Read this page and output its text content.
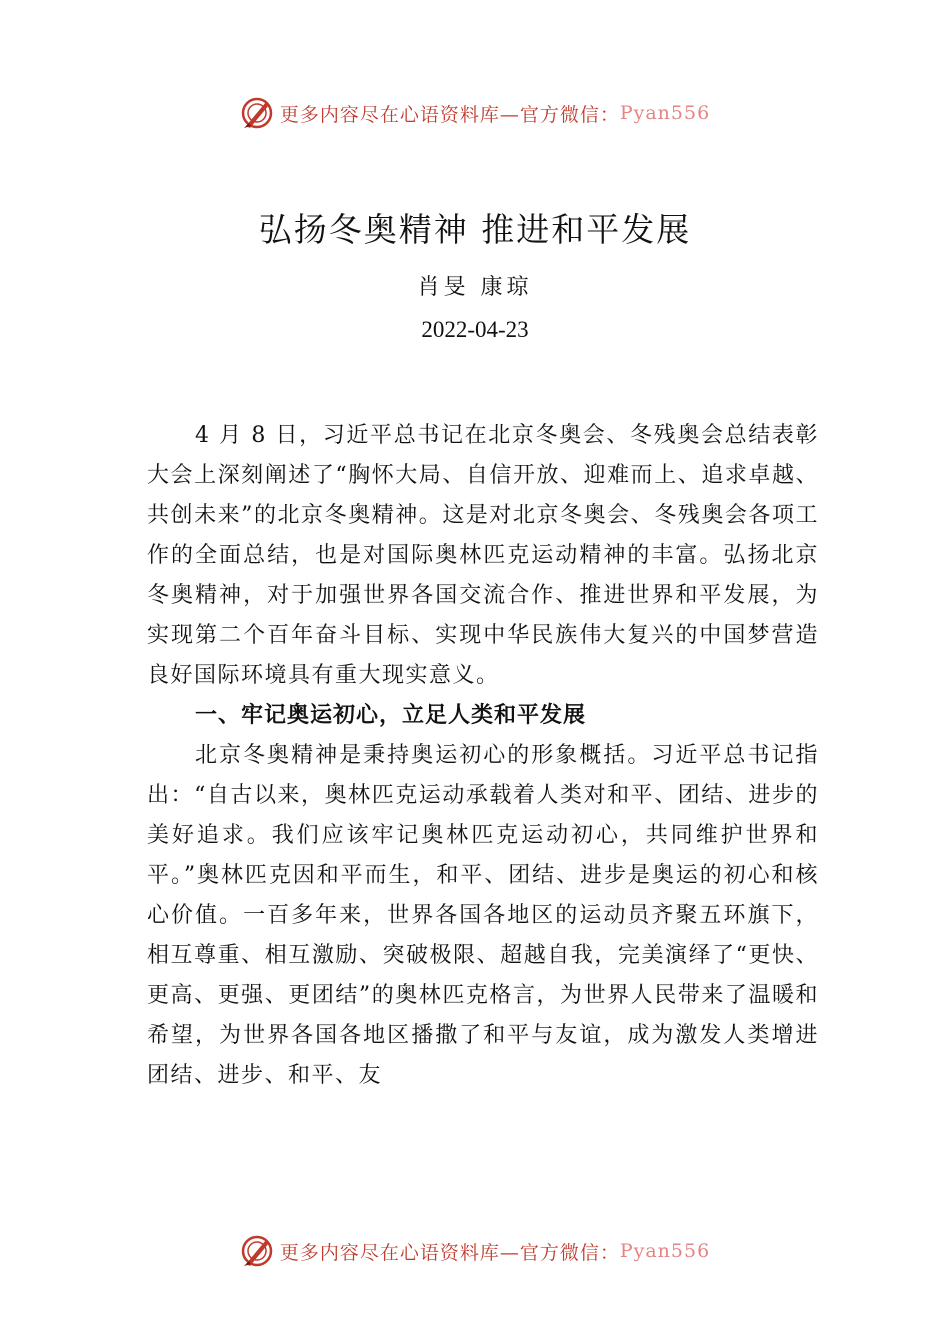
更多内容尽在心语资料库—官方微信： Pyan556
弘扬冬奥精神 推进和平发展
肖旻 康琼
2022-04-23

4 月 8 日，习近平总书记在北京冬奥会、冬残奥会总结表彰大会上深刻阐述了“胸怀大局、自信开放、迎难而上、追求卓越、共创未来”的北京冬奥精神。这是对北京冬奥会、冬残奥会各项工作的全面总结，也是对国际奥林匹克运动精神的丰富。弘扬北京冬奥精神，对于加强世界各国交流合作、推进世界和平发展，为实现第二个百年奋斗目标、实现中华民族伟大复兴的中国梦营造良好国际环境具有重大现实意义。

一、牢记奥运初心，立足人类和平发展

北京冬奥精神是秉持奥运初心的形象概括。习近平总书记指出：“自古以来，奥林匹克运动承载着人类对和平、团结、进步的美好追求。我们应该牢记奥林匹克运动初心，共同维护世界和平。”奥林匹克因和平而生，和平、团结、进步是奥运的初心和核心价值。一百多年来，世界各国各地区的运动员齐聚五环旗下，相互尊重、相互激励、突破极限、超越自我，完美演绎了“更快、更高、更强、更团结”的奥林匹克格言，为世界人民带来了温暖和希望，为世界各国各地区播撒了和平与友谊，成为激发人类增进团结、进步、和平、友

更多内容尽在心语资料库—官方微信： Pyan556
